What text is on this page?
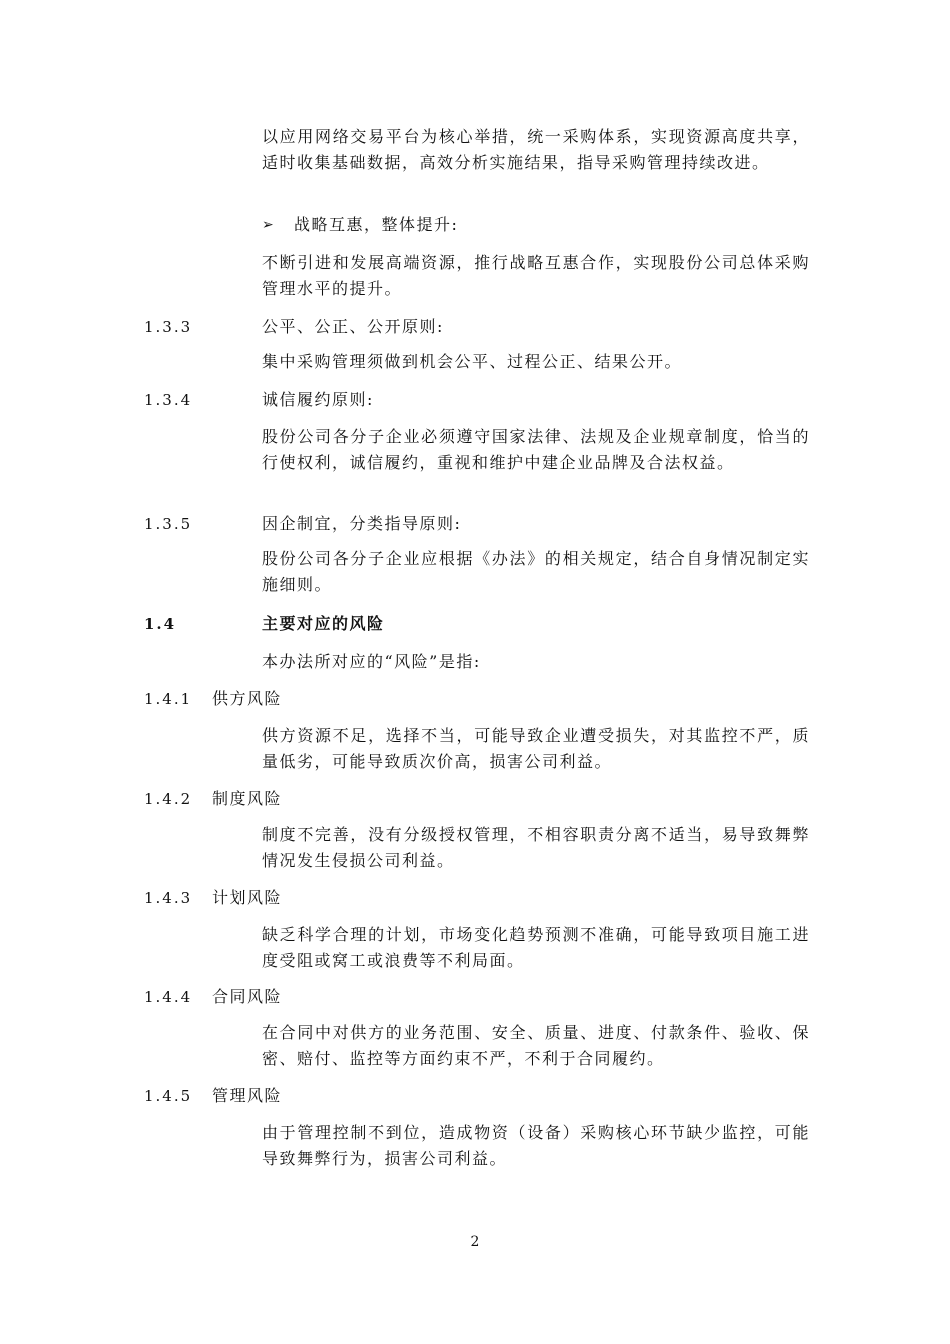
以应用网络交易平台为核心举措，统一采购体系，实现资源高度共享，适时收集基础数据，高效分析实施结果，指导采购管理持续改进。

➢ 战略互惠，整体提升:

不断引进和发展高端资源，推行战略互惠合作，实现股份公司总体采购管理水平的提升。

1.3.3	公平、公正、公开原则:

集中采购管理须做到机会公平、过程公正、结果公开。

1.3.4	诚信履约原则:

股份公司各分子企业必须遵守国家法律、法规及企业规章制度，恰当的行使权利，诚信履约，重视和维护中建企业品牌及合法权益。

1.3.5	因企制宜，分类指导原则:

股份公司各分子企业应根据《办法》的相关规定，结合自身情况制定实施细则。

1.4	主要对应的风险

本办法所对应的“风险”是指:

1.4.1 供方风险

供方资源不足，选择不当，可能导致企业遭受损失，对其监控不严，质量低劣，可能导致质次价高，损害公司利益。

1.4.2 制度风险

制度不完善，没有分级授权管理，不相容职责分离不适当，易导致舞弊情况发生侵损公司利益。

1.4.3 计划风险

缺乏科学合理的计划，市场变化趋势预测不准确，可能导致项目施工进度受阻或窝工或浪费等不利局面。

1.4.4 合同风险

在合同中对供方的业务范围、安全、质量、进度、付款条件、验收、保密、赔付、监控等方面约束不严，不利于合同履约。

1.4.5 管理风险

由于管理控制不到位，造成物资（设备）采购核心环节缺少监控，可能导致舞弊行为，损害公司利益。

2
